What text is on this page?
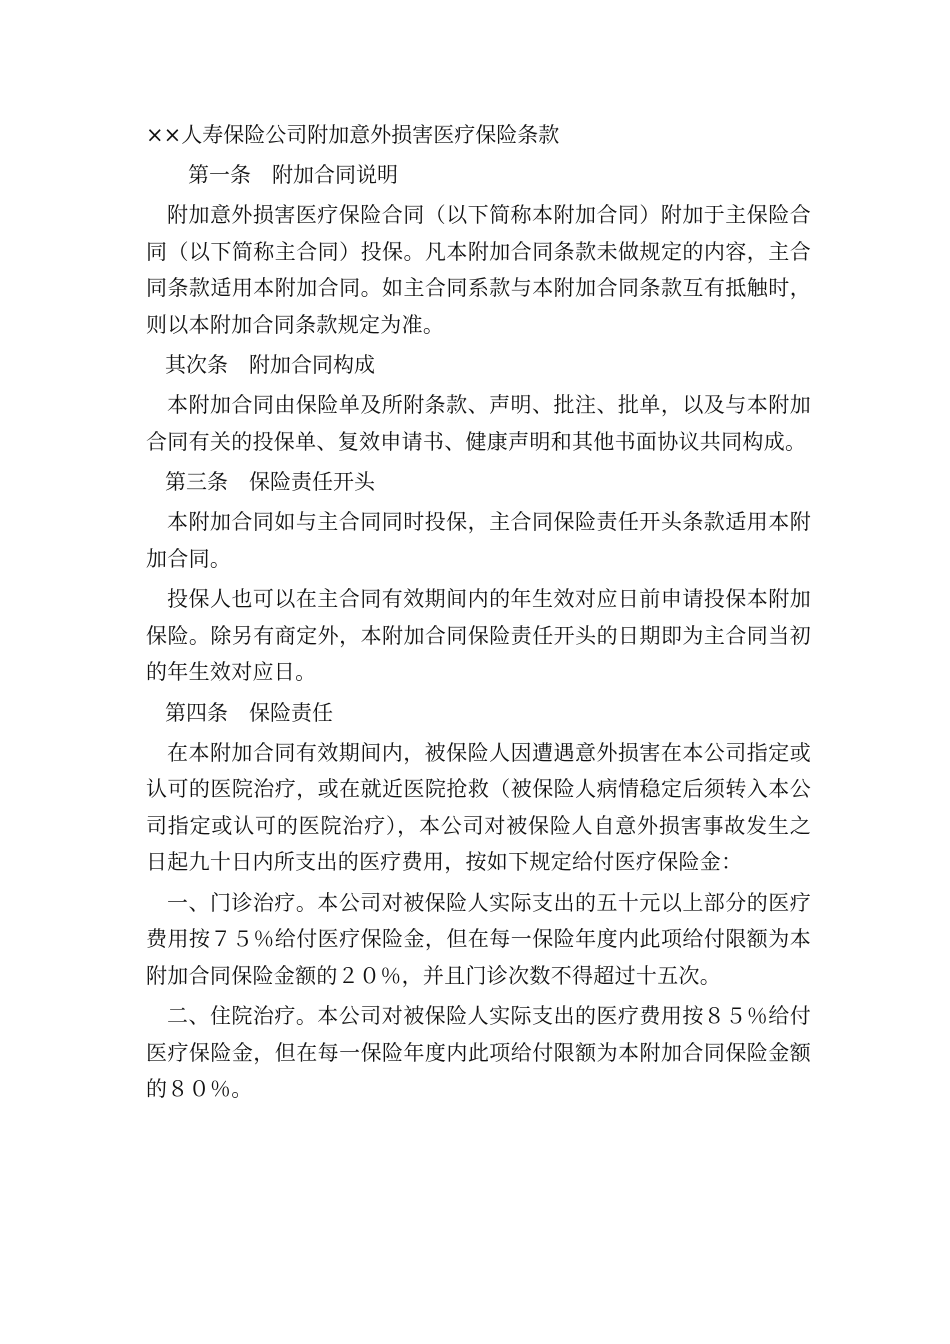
××人寿保险公司附加意外损害医疗保险条款
第一条　附加合同说明

附加意外损害医疗保险合同（以下简称本附加合同）附加于主保险合同（以下简称主合同）投保。凡本附加合同条款未做规定的内容，主合同条款适用本附加合同。如主合同系款与本附加合同条款互有抵触时，则以本附加合同条款规定为准。

其次条　附加合同构成

本附加合同由保险单及所附条款、声明、批注、批单，以及与本附加合同有关的投保单、复效申请书、健康声明和其他书面协议共同构成。

第三条　保险责任开头

本附加合同如与主合同同时投保，主合同保险责任开头条款适用本附加合同。

投保人也可以在主合同有效期间内的年生效对应日前申请投保本附加保险。除另有商定外，本附加合同保险责任开头的日期即为主合同当初的年生效对应日。

第四条　保险责任

在本附加合同有效期间内，被保险人因遭遇意外损害在本公司指定或认可的医院治疗，或在就近医院抢救（被保险人病情稳定后须转入本公司指定或认可的医院治疗），本公司对被保险人自意外损害事故发生之日起九十日内所支出的医疗费用，按如下规定给付医疗保险金：

一、门诊治疗。本公司对被保险人实际支出的五十元以上部分的医疗费用按７５％给付医疗保险金，但在每一保险年度内此项给付限额为本附加合同保险金额的２０％，并且门诊次数不得超过十五次。

二、住院治疗。本公司对被保险人实际支出的医疗费用按８５％给付医疗保险金，但在每一保险年度内此项给付限额为本附加合同保险金额的８０％。
